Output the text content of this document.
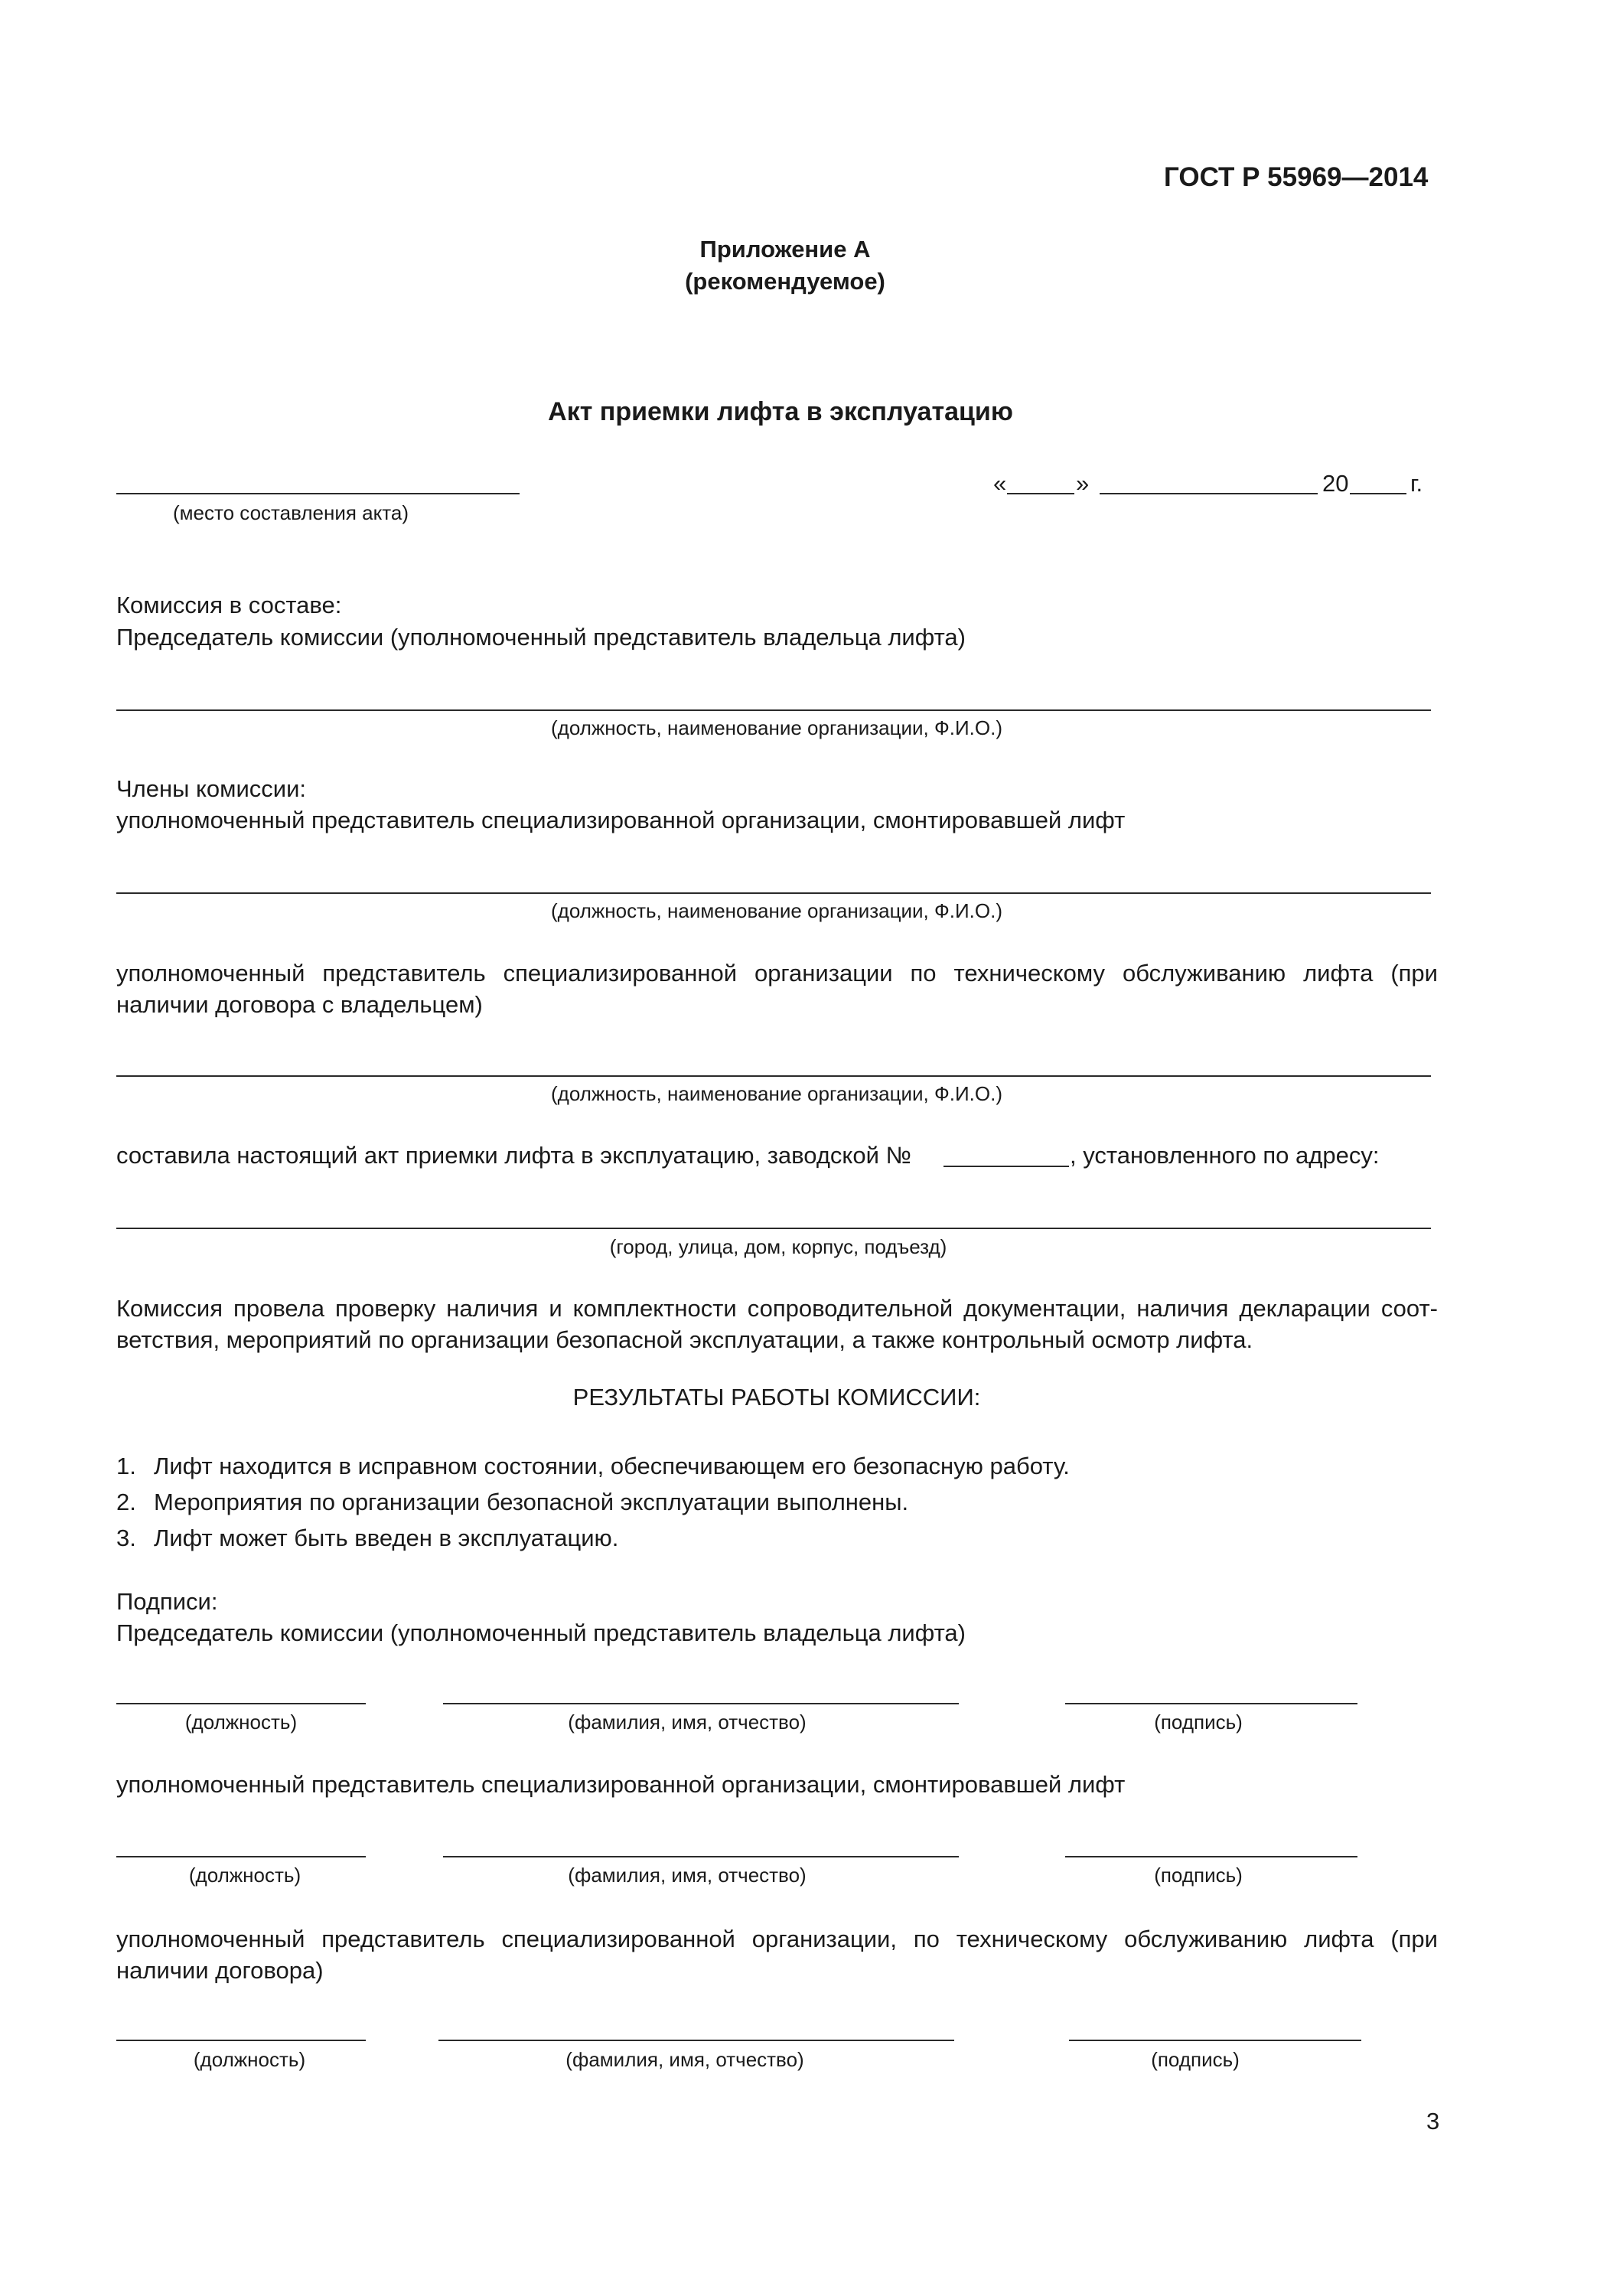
ГОСТ Р 55969—2014
Приложение А
(рекомендуемое)
Акт приемки лифта в эксплуатацию
(место составления акта)
«	»	20	г.
Комиссия в составе:
Председатель комиссии (уполномоченный представитель владельца лифта)
(должность, наименование организации, Ф.И.О.)
Члены комиссии:
уполномоченный представитель специализированной организации, смонтировавшей лифт
(должность, наименование организации, Ф.И.О.)
уполномоченный представитель специализированной организации по техническому обслуживанию лифта (при
наличии договора с владельцем)
(должность, наименование организации, Ф.И.О.)
составила настоящий акт приемки лифта в эксплуатацию, заводской №	, установленного по адресу:
(город, улица, дом, корпус, подъезд)
Комиссия провела проверку наличия и комплектности сопроводительной документации, наличия декларации соот-
ветствия, мероприятий по организации безопасной эксплуатации, а также контрольный осмотр лифта.
РЕЗУЛЬТАТЫ РАБОТЫ КОМИССИИ:
1. Лифт находится в исправном состоянии, обеспечивающем его безопасную работу.
2. Мероприятия по организации безопасной эксплуатации выполнены.
3. Лифт может быть введен в эксплуатацию.
Подписи:
Председатель комиссии (уполномоченный представитель владельца лифта)
(должность)	(фамилия, имя, отчество)	(подпись)
уполномоченный представитель специализированной организации, смонтировавшей лифт
(должность)	(фамилия, имя, отчество)	(подпись)
уполномоченный представитель специализированной организации, по техническому обслуживанию лифта (при
наличии договора)
(должность)	(фамилия, имя, отчество)	(подпись)
3
